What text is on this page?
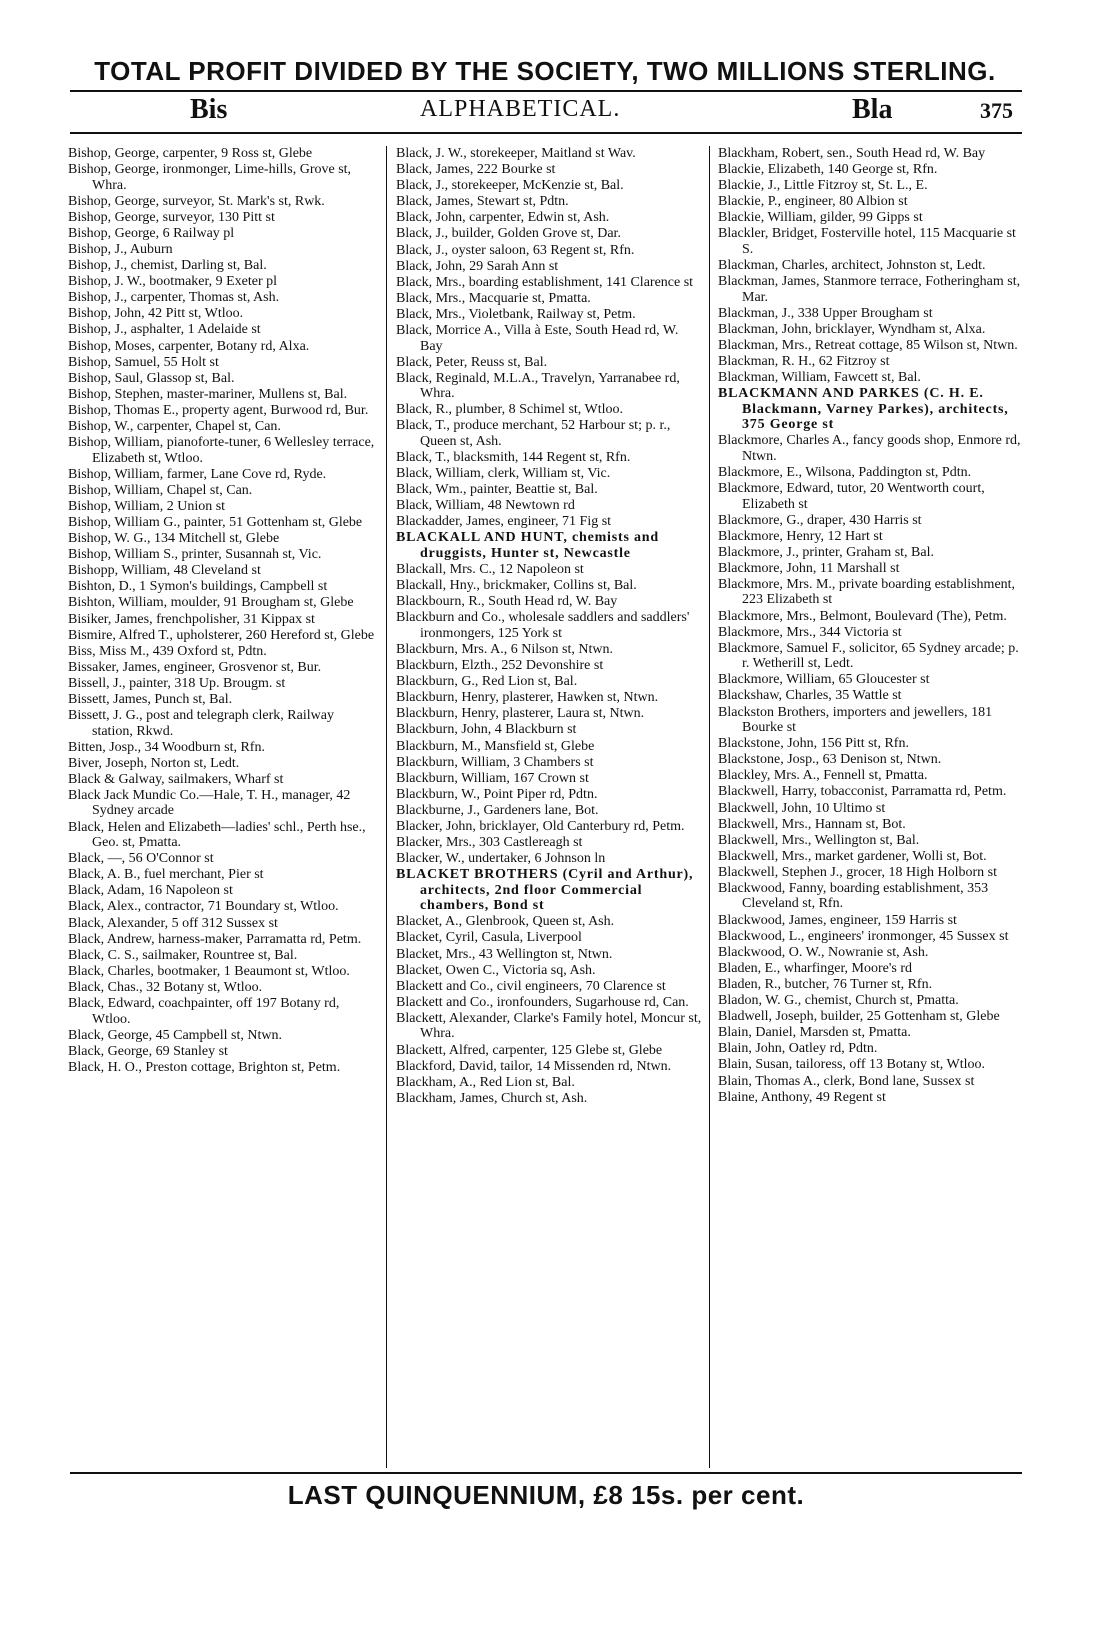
TOTAL PROFIT DIVIDED BY THE SOCIETY, TWO MILLIONS STERLING.
Bis	ALPHABETICAL.	Bla	375
Bishop, George, carpenter, 9 Ross st, Glebe
Bishop, George, ironmonger, Lime-hills, Grove st, Whra.
Bishop, George, surveyor, St. Mark's st, Rwk.
Bishop, George, surveyor, 130 Pitt st
Bishop, George, 6 Railway pl
Bishop, J., Auburn
Bishop, J., chemist, Darling st, Bal.
Bishop, J. W., bootmaker, 9 Exeter pl
Bishop, J., carpenter, Thomas st, Ash.
Bishop, John, 42 Pitt st, Wtloo.
Bishop, J., asphalter, 1 Adelaide st
Bishop, Moses, carpenter, Botany rd, Alxa.
Bishop, Samuel, 55 Holt st
Bishop, Saul, Glassop st, Bal.
Bishop, Stephen, master-mariner, Mullens st, Bal.
Bishop, Thomas E., property agent, Burwood rd, Bur.
Bishop, W., carpenter, Chapel st, Can.
Bishop, William, pianoforte-tuner, 6 Wellesley terrace, Elizabeth st, Wtloo.
Bishop, William, farmer, Lane Cove rd, Ryde.
Bishop, William, Chapel st, Can.
Bishop, William, 2 Union st
Bishop, William G., painter, 51 Gottenham st, Glebe
Bishop, W. G., 134 Mitchell st, Glebe
Bishop, William S., printer, Susannah st, Vic.
Bishopp, William, 48 Cleveland st
Bishton, D., 1 Symon's buildings, Campbell st
Bishton, William, moulder, 91 Brougham st, Glebe
Bisiker, James, frenchpolisher, 31 Kippax st
Bismire, Alfred T., upholsterer, 260 Hereford st, Glebe
Biss, Miss M., 439 Oxford st, Pdtn.
Bissaker, James, engineer, Grosvenor st, Bur.
Bissell, J., painter, 318 Up. Brougm. st
Bissett, James, Punch st, Bal.
Bissett, J. G., post and telegraph clerk, Railway station, Rkwd.
Bitten, Josp., 34 Woodburn st, Rfn.
Biver, Joseph, Norton st, Ledt.
Black & Galway, sailmakers, Wharf st
Black Jack Mundic Co.—Hale, T. H., manager, 42 Sydney arcade
Black, Helen and Elizabeth—ladies' schl., Perth hse., Geo. st, Pmatta.
Black, —, 56 O'Connor st
Black, A. B., fuel merchant, Pier st
Black, Adam, 16 Napoleon st
Black, Alex., contractor, 71 Boundary st, Wtloo.
Black, Alexander, 5 off 312 Sussex st
Black, Andrew, harness-maker, Parramatta rd, Petm.
Black, C. S., sailmaker, Rountree st, Bal.
Black, Charles, bootmaker, 1 Beaumont st, Wtloo.
Black, Chas., 32 Botany st, Wtloo.
Black, Edward, coachpainter, off 197 Botany rd, Wtloo.
Black, George, 45 Campbell st, Ntwn.
Black, George, 69 Stanley st
Black, H. O., Preston cottage, Brighton st, Petm.
Black, J. W., storekeeper, Maitland st Wav.
Black, James, 222 Bourke st
Black, J., storekeeper, McKenzie st, Bal.
Black, James, Stewart st, Pdtn.
Black, John, carpenter, Edwin st, Ash.
Black, J., builder, Golden Grove st, Dar.
Black, J., oyster saloon, 63 Regent st, Rfn.
Black, John, 29 Sarah Ann st
Black, Mrs., boarding establishment, 141 Clarence st
Black, Mrs., Macquarie st, Pmatta.
Black, Mrs., Violetbank, Railway st, Petm.
Black, Morrice A., Villa à Este, South Head rd, W. Bay
Black, Peter, Reuss st, Bal.
Black, Reginald, M.L.A., Travelyn, Yarranabee rd, Whra.
Black, R., plumber, 8 Schimel st, Wtloo.
Black, T., produce merchant, 52 Harbour st; p. r., Queen st, Ash.
Black, T., blacksmith, 144 Regent st, Rfn.
Black, William, clerk, William st, Vic.
Black, Wm., painter, Beattie st, Bal.
Black, William, 48 Newtown rd
Blackadder, James, engineer, 71 Fig st
BLACKALL AND HUNT, chemists and druggists, Hunter st, Newcastle
Blackall, Mrs. C., 12 Napoleon st
Blackall, Hny., brickmaker, Collins st, Bal.
Blackbourn, R., South Head rd, W. Bay
Blackburn and Co., wholesale saddlers and saddlers' ironmongers, 125 York st
Blackburn, Mrs. A., 6 Nilson st, Ntwn.
Blackburn, Elzth., 252 Devonshire st
Blackburn, G., Red Lion st, Bal.
Blackburn, Henry, plasterer, Hawken st, Ntwn.
Blackburn, Henry, plasterer, Laura st, Ntwn.
Blackburn, John, 4 Blackburn st
Blackburn, M., Mansfield st, Glebe
Blackburn, William, 3 Chambers st
Blackburn, William, 167 Crown st
Blackburn, W., Point Piper rd, Pdtn.
Blackburne, J., Gardeners lane, Bot.
Blacker, John, bricklayer, Old Canterbury rd, Petm.
Blacker, Mrs., 303 Castlereagh st
Blacker, W., undertaker, 6 Johnson ln
BLACKET BROTHERS (Cyril and Arthur), architects, 2nd floor Commercial chambers, Bond st
Blacket, A., Glenbrook, Queen st, Ash.
Blacket, Cyril, Casula, Liverpool
Blacket, Mrs., 43 Wellington st, Ntwn.
Blacket, Owen C., Victoria sq, Ash.
Blackett and Co., civil engineers, 70 Clarence st
Blackett and Co., ironfounders, Sugarhouse rd, Can.
Blackett, Alexander, Clarke's Family hotel, Moncur st, Whra.
Blackett, Alfred, carpenter, 125 Glebe st, Glebe
Blackford, David, tailor, 14 Missenden rd, Ntwn.
Blackham, A., Red Lion st, Bal.
Blackham, James, Church st, Ash.
Blackham, Robert, sen., South Head rd, W. Bay
Blackie, Elizabeth, 140 George st, Rfn.
Blackie, J., Little Fitzroy st, St. L., E.
Blackie, P., engineer, 80 Albion st
Blackie, William, gilder, 99 Gipps st
Blackler, Bridget, Fosterville hotel, 115 Macquarie st S.
Blackman, Charles, architect, Johnston st, Ledt.
Blackman, James, Stanmore terrace, Fotheringham st, Mar.
Blackman, J., 338 Upper Brougham st
Blackman, John, bricklayer, Wyndham st, Alxa.
Blackman, Mrs., Retreat cottage, 85 Wilson st, Ntwn.
Blackman, R. H., 62 Fitzroy st
Blackman, William, Fawcett st, Bal.
BLACKMANN AND PARKES (C. H. E. Blackmann, Varney Parkes), architects, 375 George st
Blackmore, Charles A., fancy goods shop, Enmore rd, Ntwn.
Blackmore, E., Wilsona, Paddington st, Pdtn.
Blackmore, Edward, tutor, 20 Wentworth court, Elizabeth st
Blackmore, G., draper, 430 Harris st
Blackmore, Henry, 12 Hart st
Blackmore, J., printer, Graham st, Bal.
Blackmore, John, 11 Marshall st
Blackmore, Mrs. M., private boarding establishment, 223 Elizabeth st
Blackmore, Mrs., Belmont, Boulevard (The), Petm.
Blackmore, Mrs., 344 Victoria st
Blackmore, Samuel F., solicitor, 65 Sydney arcade; p. r. Wetherill st, Ledt.
Blackmore, William, 65 Gloucester st
Blackshaw, Charles, 35 Wattle st
Blackston Brothers, importers and jewellers, 181 Bourke st
Blackstone, John, 156 Pitt st, Rfn.
Blackstone, Josp., 63 Denison st, Ntwn.
Blackley, Mrs. A., Fennell st, Pmatta.
Blackwell, Harry, tobacconist, Parramatta rd, Petm.
Blackwell, John, 10 Ultimo st
Blackwell, Mrs., Hannam st, Bot.
Blackwell, Mrs., Wellington st, Bal.
Blackwell, Mrs., market gardener, Wolli st, Bot.
Blackwell, Stephen J., grocer, 18 High Holborn st
Blackwood, Fanny, boarding establishment, 353 Cleveland st, Rfn.
Blackwood, James, engineer, 159 Harris st
Blackwood, L., engineers' ironmonger, 45 Sussex st
Blackwood, O. W., Nowranie st, Ash.
Bladen, E., wharfinger, Moore's rd
Bladen, R., butcher, 76 Turner st, Rfn.
Bladon, W. G., chemist, Church st, Pmatta.
Bladwell, Joseph, builder, 25 Gottenham st, Glebe
Blain, Daniel, Marsden st, Pmatta.
Blain, John, Oatley rd, Pdtn.
Blain, Susan, tailoress, off 13 Botany st, Wtloo.
Blain, Thomas A., clerk, Bond lane, Sussex st
Blaine, Anthony, 49 Regent st
LAST QUINQUENNIUM, £8 15s. per cent.
